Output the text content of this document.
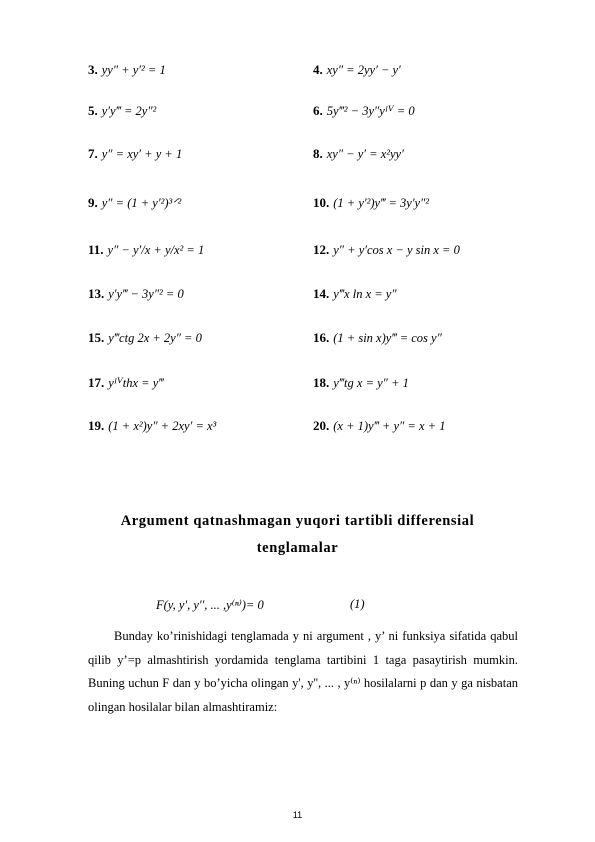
3. yy″ + y′² = 1
5. y′y‴ = 2y″²
7. y″ = xy′ + y + 1
9. y″ = (1 + y′²)³ᐟ²
11. y″ − y′/x + y/x² = 1
13. y′y‴ − 3y″² = 0
15. y‴ctg 2x + 2y″ = 0
17. yᴵⱽthx = y‴
19. (1 + x²)y″ + 2xy′ = x³
4. xy″ = 2yy′ − y′
6. 5y‴² − 3y″yᴵⱽ = 0
8. xy″ − y′ = x²yy′
10. (1 + y′²)y‴ = 3y′y″²
12. y″ + y′cos x − y sin x = 0
14. y‴x ln x = y″
16. (1 + sin x)y‴ = cos y″
18. y‴tg x = y″ + 1
20. (x + 1)y‴ + y″ = x + 1
Argument qatnashmagan yuqori tartibli differensial
tenglamalar
F(y, y', y'', ... ,y⁽ⁿ⁾)= 0	(1)

Bunday ko’rinishidagi tenglamada y ni argument , y’ ni funksiya sifatida qabul qilib y’=p almashtirish yordamida tenglama tartibini 1 taga pasaytirish mumkin. Buning uchun F dan y bo’yicha olingan y', y'', ... , y⁽ⁿ⁾ hosilalarni p dan y ga nisbatan olingan hosilalar bilan almashtiramiz:

11
